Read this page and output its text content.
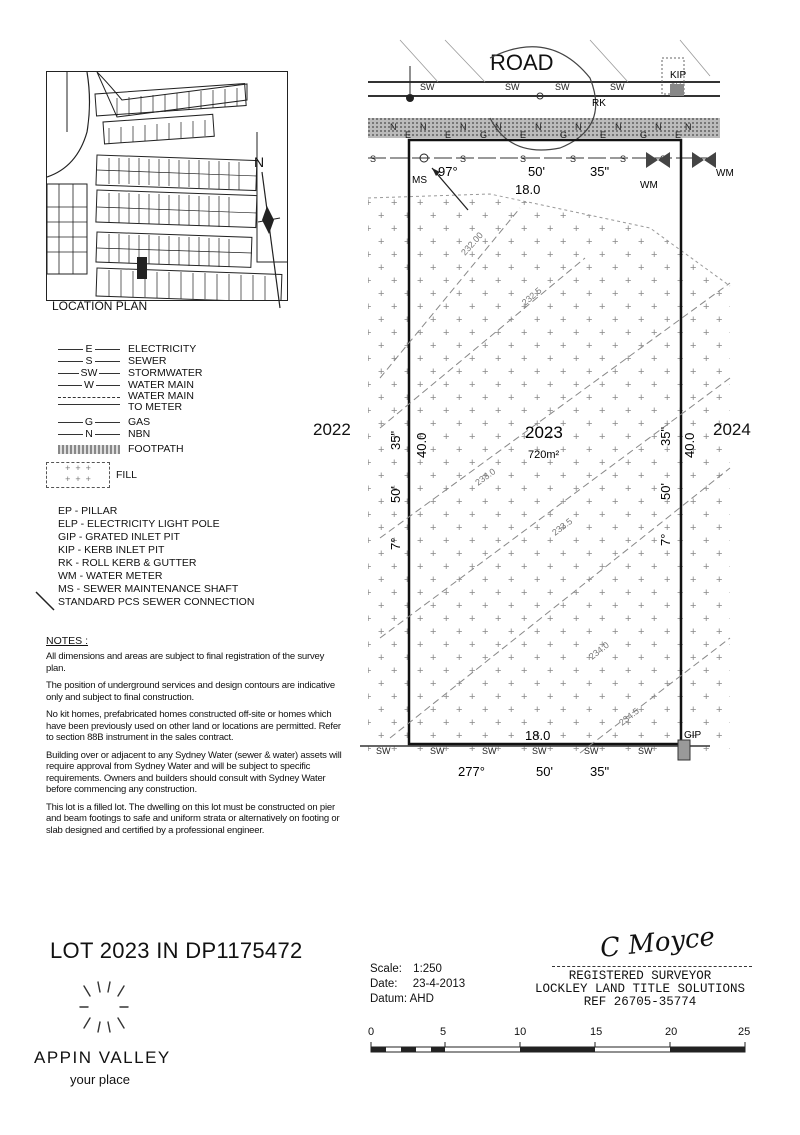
LOCATION PLAN
N
E	ELECTRICITY
S	SEWER
SW	STORMWATER
W	WATER MAIN
WATER MAIN TO METER
G	GAS
N	NBN
FOOTPATH
+  +  +
+  +  +	FILL
EP - PILLAR
ELP - ELECTRICITY LIGHT POLE
GIP - GRATED INLET PIT
KIP - KERB INLET PIT
RK - ROLL KERB & GUTTER
WM - WATER METER
MS - SEWER MAINTENANCE SHAFT
STANDARD PCS SEWER CONNECTION
NOTES :

All dimensions and areas are subject to final registration of the survey plan.

The position of underground services and design contours are indicative only and subject to final construction.

No kit homes, prefabricated homes constructed off-site or homes which have been previously used on other land or locations are permitted. Refer to section 88B instrument in the sales contract.

Building over or adjacent to any Sydney Water (sewer & water) assets will require approval from Sydney Water and will be subject to specific requirements. Owners and builders should consult with Sydney Water before commencing any construction.

This lot is a filled lot. The dwelling on this lot must be constructed on pier and beam footings to safe and uniform strata or alternatively on footing or slab designed and certified by a professional engineer.

LOT 2023 IN DP1175472
APPIN VALLEY
your place
SW	SW	SW	SW
N	N	N	N	N	N	N	N	N
E	E	G	E	G	E	G	E
S	S	S	S	S
ROAD
KIP
RK
232.00
232.5
233.0
233.5
234.0
234.5
MS	WM
WM
GIP
SW	SW	SW	SW	SW	SW
97°	50'	35"
18.0
18.0
277°	50'	35"
35" 40.0
50'
7°
35" 40.0
50'
7°
2023
720m²
2022	2024
Scale: 1:250
Date: 23-4-2013
Datum: AHD
C Moyce
REGISTERED SURVEYOR
LOCKLEY LAND TITLE SOLUTIONS
REF 26705-35774
0	5	10	15	20	25
